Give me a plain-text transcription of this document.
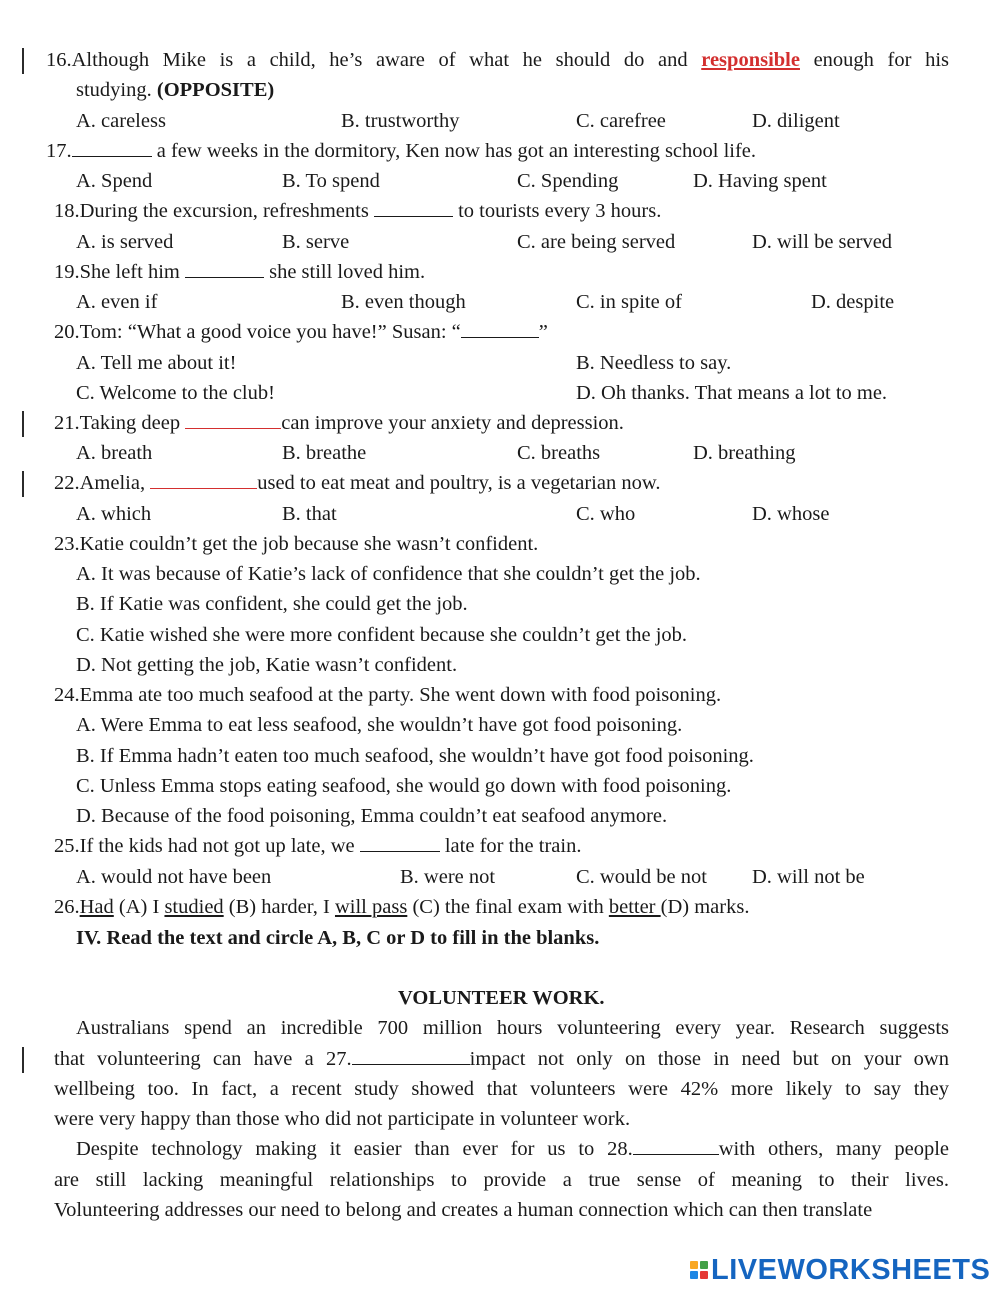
16.Although Mike is a child, he’s aware of what he should do and responsible enough for his
studying. (OPPOSITE)
A. careless	B. trustworthy	C. carefree	D. diligent
17.	a few weeks in the dormitory, Ken now has got an interesting school life.
A. Spend	B. To spend	C. Spending	D. Having spent
18.During the excursion, refreshments	to tourists every 3 hours.
A. is served	B. serve	C. are being served	D. will be served
19.She left him	she still loved him.
A. even if	B. even though	C. in spite of	D. despite
20.Tom: “What a good voice you have!” Susan: “	”
A. Tell me about it!	B. Needless to say.
C. Welcome to the club!	D. Oh thanks. That means a lot to me.
21.Taking deep	can improve your anxiety and depression.
A. breath	B. breathe	C. breaths	D. breathing
22.Amelia,	used to eat meat and poultry, is a vegetarian now.
A. which	B. that	C. who	D. whose
23.Katie couldn’t get the job because she wasn’t confident.
A. It was because of Katie’s lack of confidence that she couldn’t get the job.
B. If Katie was confident, she could get the job.
C. Katie wished she were more confident because she couldn’t get the job.
D. Not getting the job, Katie wasn’t confident.
24.Emma ate too much seafood at the party. She went down with food poisoning.
A. Were Emma to eat less seafood, she wouldn’t have got food poisoning.
B. If Emma hadn’t eaten too much seafood, she wouldn’t have got food poisoning.
C. Unless Emma stops eating seafood, she would go down with food poisoning.
D. Because of the food poisoning, Emma couldn’t eat seafood anymore.
25.If the kids had not got up late, we	late for the train.
A. would not have been	B. were not	C. would be not D. will not be
26.Had (A) I studied (B) harder, I will pass (C) the final exam with better (D) marks.
IV. Read the text and circle A, B, C or D to fill in the blanks.
VOLUNTEER WORK.
Australians spend an incredible 700 million hours volunteering every year. Research suggests
that volunteering can have a 27.	impact not only on those in need but on your own
wellbeing too. In fact, a recent study showed that volunteers were 42% more likely to say they
were very happy than those who did not participate in volunteer work.
Despite technology making it easier than ever for us to 28.	with others, many people
are still lacking meaningful relationships to provide a true sense of meaning to their lives.
Volunteering addresses our need to belong and creates a human connection which can then translate
LIVEWORKSHEETS
